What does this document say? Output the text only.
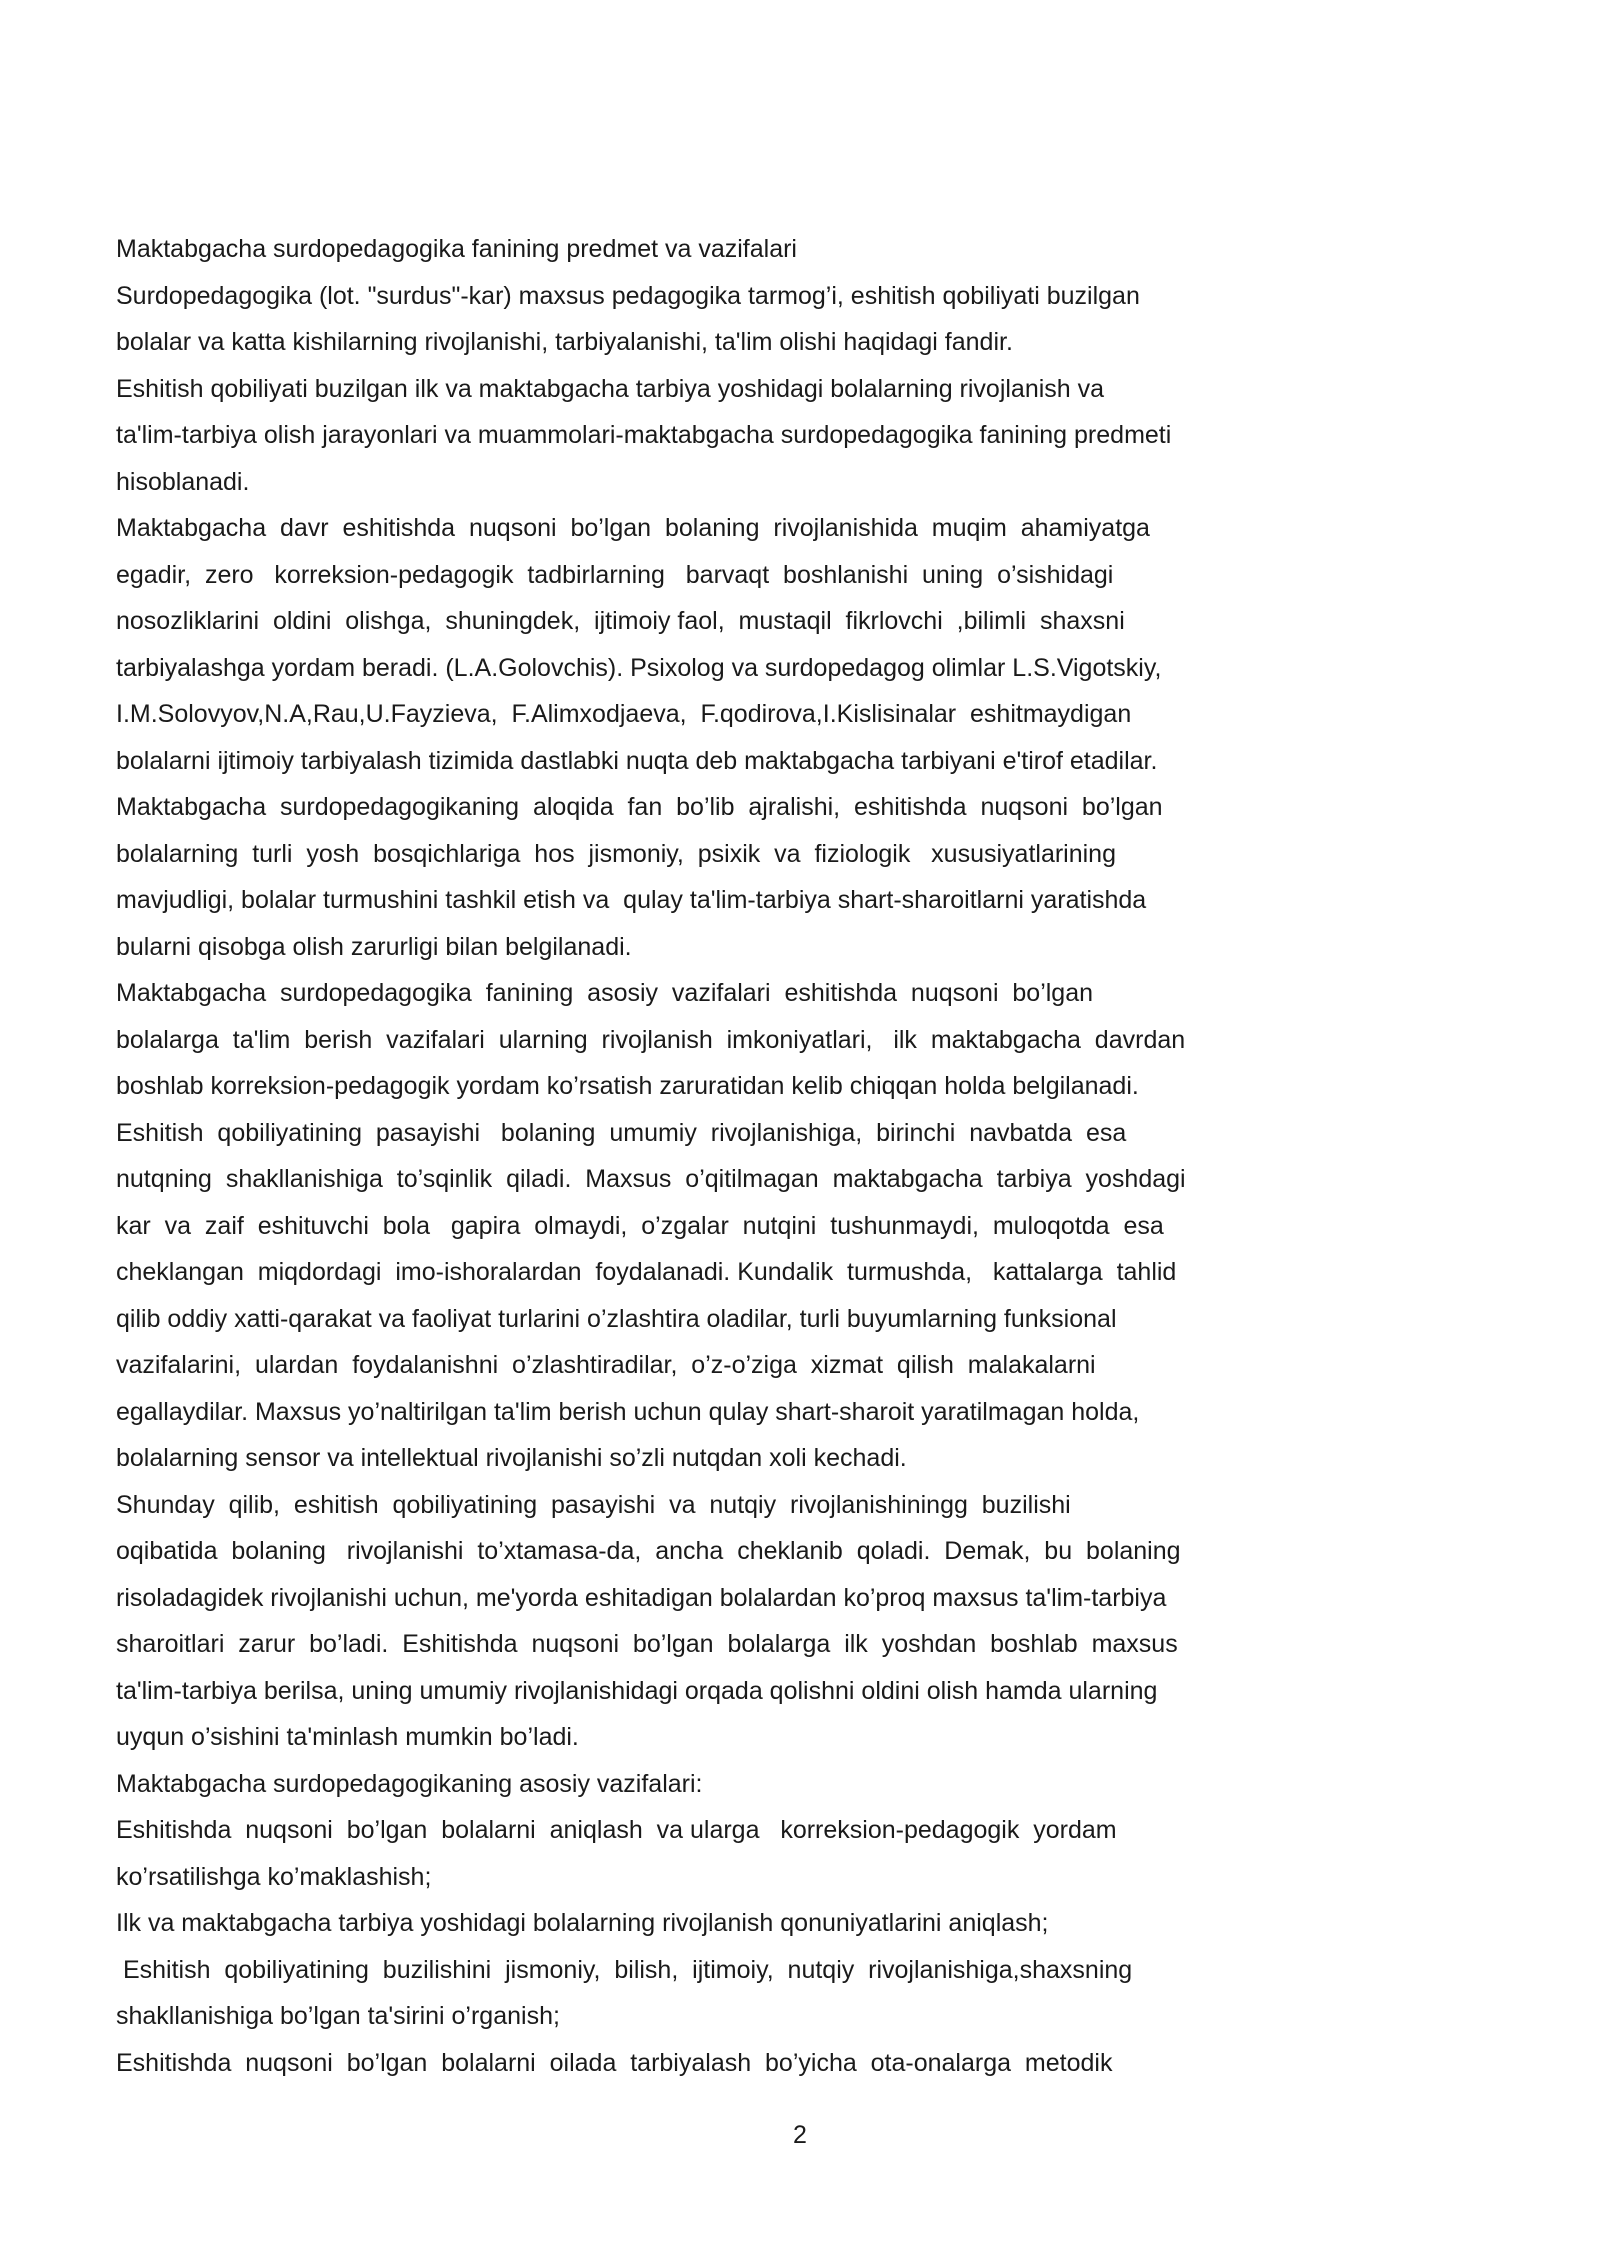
Maktabgacha surdopedagogika fanining predmet va vazifalari
Surdopedagogika (lot. "surdus"-kar) maxsus pedagogika tarmog’i, eshitish qobiliyati buzilgan
bolalar va katta kishilarning rivojlanishi, tarbiyalanishi, ta'lim olishi haqidagi fandir.
Eshitish qobiliyati buzilgan ilk va maktabgacha tarbiya yoshidagi bolalarning rivojlanish va
ta'lim-tarbiya olish jarayonlari va muammolari-maktabgacha surdopedagogika fanining predmeti
hisoblanadi.
Maktabgacha  davr  eshitishda  nuqsoni  bo’lgan  bolaning  rivojlanishida  muqim  ahamiyatga
egadir,  zero   korreksion-pedagogik  tadbirlarning   barvaqt  boshlanishi  uning  o’sishidagi
nosozliklarini  oldini  olishga,  shuningdek,  ijtimoiy faol,  mustaqil  fikrlovchi  ,bilimli  shaxsni
tarbiyalashga yordam beradi. (L.A.Golovchis). Psixolog va surdopedagog olimlar L.S.Vigotskiy,
I.M.Solovyov,N.A,Rau,U.Fayzieva,  F.Alimxodjaeva,  F.qodirova,I.Kislisinalar  eshitmaydigan
bolalarni ijtimoiy tarbiyalash tizimida dastlabki nuqta deb maktabgacha tarbiyani e'tirof etadilar.
Maktabgacha  surdopedagogikaning  aloqida  fan  bo’lib  ajralishi,  eshitishda  nuqsoni  bo’lgan
bolalarning  turli  yosh  bosqichlariga  hos  jismoniy,  psixik  va  fiziologik   xususiyatlarining
mavjudligi, bolalar turmushini tashkil etish va  qulay ta'lim-tarbiya shart-sharoitlarni yaratishda
bularni qisobga olish zarurligi bilan belgilanadi.
Maktabgacha  surdopedagogika  fanining  asosiy  vazifalari  eshitishda  nuqsoni  bo’lgan
bolalarga  ta'lim  berish  vazifalari  ularning  rivojlanish  imkoniyatlari,   ilk  maktabgacha  davrdan
boshlab korreksion-pedagogik yordam ko’rsatish zaruratidan kelib chiqqan holda belgilanadi.
Eshitish  qobiliyatining  pasayishi   bolaning  umumiy  rivojlanishiga,  birinchi  navbatda  esa
nutqning  shakllanishiga  to’sqinlik  qiladi.  Maxsus  o’qitilmagan  maktabgacha  tarbiya  yoshdagi
kar  va  zaif  eshituvchi  bola   gapira  olmaydi,  o’zgalar  nutqini  tushunmaydi,  muloqotda  esa
cheklangan  miqdordagi  imo-ishoralardan  foydalanadi. Kundalik  turmushda,   kattalarga  tahlid
qilib oddiy xatti-qarakat va faoliyat turlarini o’zlashtira oladilar, turli buyumlarning funksional
vazifalarini,  ulardan  foydalanishni  o’zlashtiradilar,  o’z-o’ziga  xizmat  qilish  malakalarni
egallaydilar. Maxsus yo’naltirilgan ta'lim berish uchun qulay shart-sharoit yaratilmagan holda,
bolalarning sensor va intellektual rivojlanishi so’zli nutqdan xoli kechadi.
Shunday  qilib,  eshitish  qobiliyatining  pasayishi  va  nutqiy  rivojlanishiningg  buzilishi
oqibatida  bolaning   rivojlanishi  to’xtamasa-da,  ancha  cheklanib  qoladi.  Demak,  bu  bolaning
risoladagidek rivojlanishi uchun, me'yorda eshitadigan bolalardan ko’proq maxsus ta'lim-tarbiya
sharoitlari  zarur  bo’ladi.  Eshitishda  nuqsoni  bo’lgan  bolalarga  ilk  yoshdan  boshlab  maxsus
ta'lim-tarbiya berilsa, uning umumiy rivojlanishidagi orqada qolishni oldini olish hamda ularning
uyqun o’sishini ta'minlash mumkin bo’ladi.
Maktabgacha surdopedagogikaning asosiy vazifalari:
Eshitishda  nuqsoni  bo’lgan  bolalarni  aniqlash  va ularga   korreksion-pedagogik  yordam
ko’rsatilishga ko’maklashish;
Ilk va maktabgacha tarbiya yoshidagi bolalarning rivojlanish qonuniyatlarini aniqlash;
Eshitish  qobiliyatining  buzilishini  jismoniy,  bilish,  ijtimoiy,  nutqiy  rivojlanishiga,shaxsning
shakllanishiga bo’lgan ta'sirini o’rganish;
Eshitishda  nuqsoni  bo’lgan  bolalarni  oilada  tarbiyalash  bo’yicha  ota-onalarga  metodik
2
